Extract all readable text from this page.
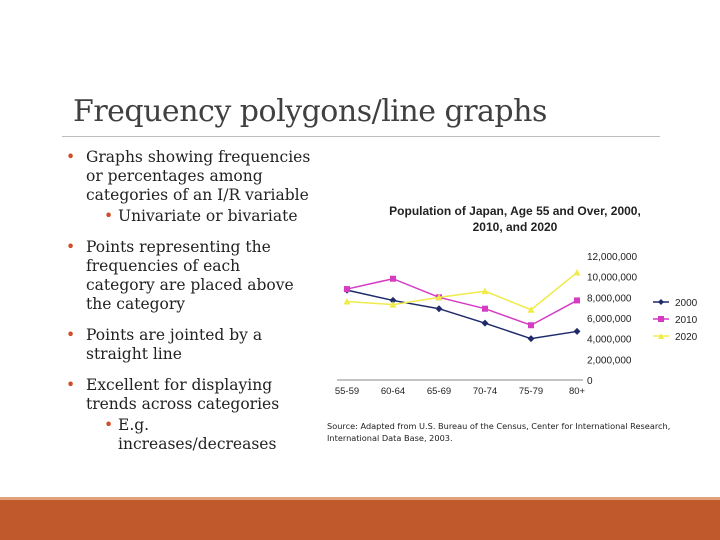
Frequency polygons/line graphs
• Graphs showing frequencies or percentages among categories of an I/R variable
• Univariate or bivariate
• Points representing the frequencies of each category are placed above the category
• Points are jointed by a straight line
• Excellent for displaying trends across categories
• E.g. increases/decreases
Population of Japan, Age 55 and Over, 2000,
2010, and 2020
12,000,000
10,000,000
8,000,000
6,000,000
4,000,000
2,000,000
0
55-59 60-64 65-69 70-74 75-79	80+
2000
2010
2020
Source: Adapted from U.S. Bureau of the Census, Center for International Research, International Data Base, 2003.
